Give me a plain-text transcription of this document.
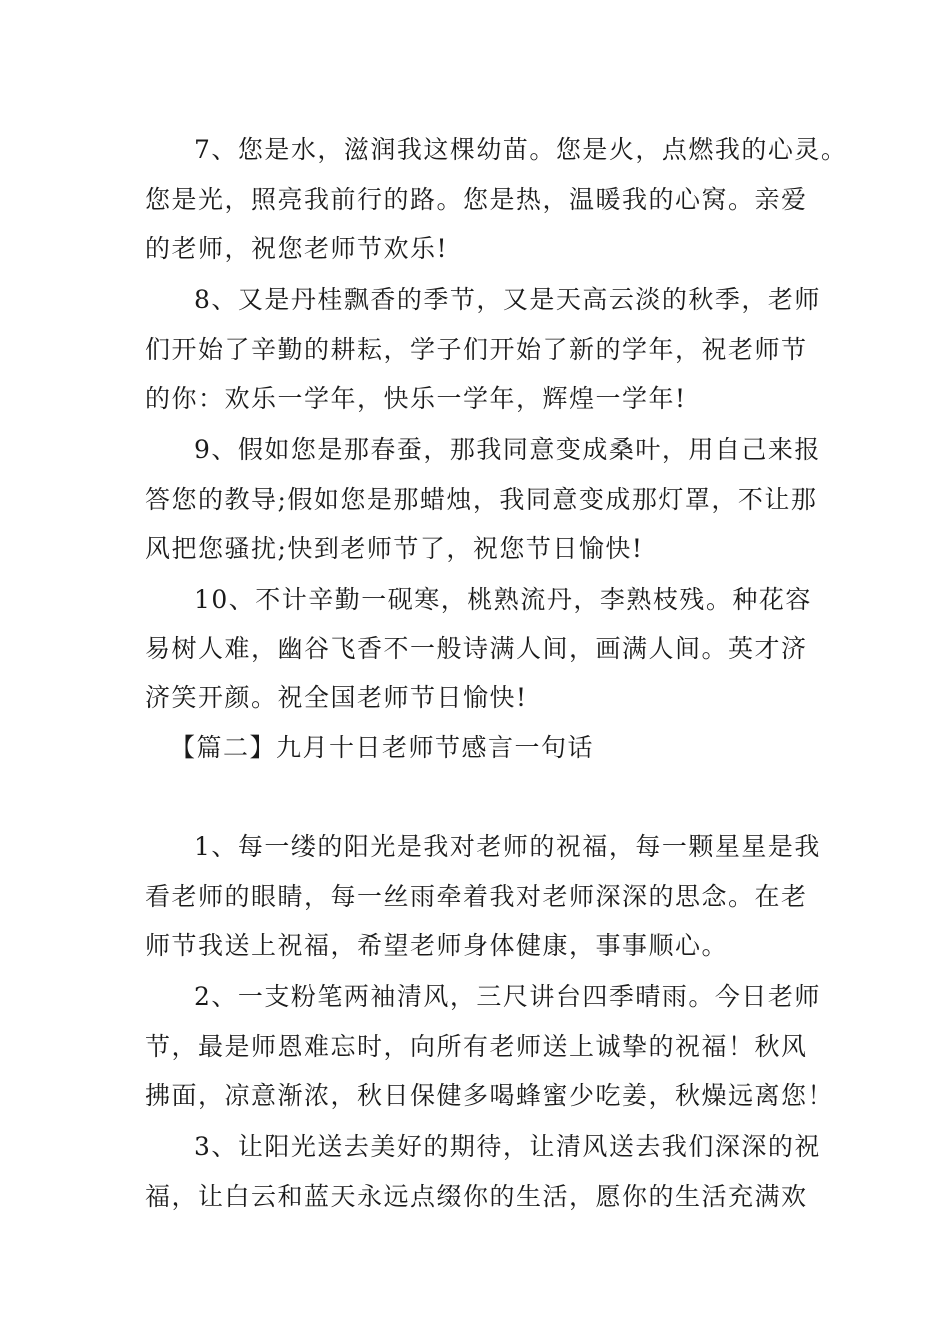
7、您是水，滋润我这棵幼苗。您是火，点燃我的心灵。
您是光，照亮我前行的路。您是热，温暖我的心窝。亲爱
的老师，祝您老师节欢乐!
8、又是丹桂飘香的季节，又是天高云淡的秋季，老师
们开始了辛勤的耕耘，学子们开始了新的学年，祝老师节
的你：欢乐一学年，快乐一学年，辉煌一学年!
9、假如您是那春蚕，那我同意变成桑叶，用自己来报
答您的教导;假如您是那蜡烛，我同意变成那灯罩，不让那
风把您骚扰;快到老师节了，祝您节日愉快!
10、不计辛勤一砚寒，桃熟流丹，李熟枝残。种花容
易树人难，幽谷飞香不一般诗满人间，画满人间。英才济
济笑开颜。祝全国老师节日愉快!
【篇二】九月十日老师节感言一句话
1、每一缕的阳光是我对老师的祝福，每一颗星星是我
看老师的眼睛，每一丝雨牵着我对老师深深的思念。在老
师节我送上祝福，希望老师身体健康，事事顺心。
2、一支粉笔两袖清风，三尺讲台四季晴雨。今日老师
节，最是师恩难忘时，向所有老师送上诚挚的祝福！秋风
拂面，凉意渐浓，秋日保健多喝蜂蜜少吃姜，秋燥远离您！
3、让阳光送去美好的期待，让清风送去我们深深的祝
福，让白云和蓝天永远点缀你的生活，愿你的生活充满欢
